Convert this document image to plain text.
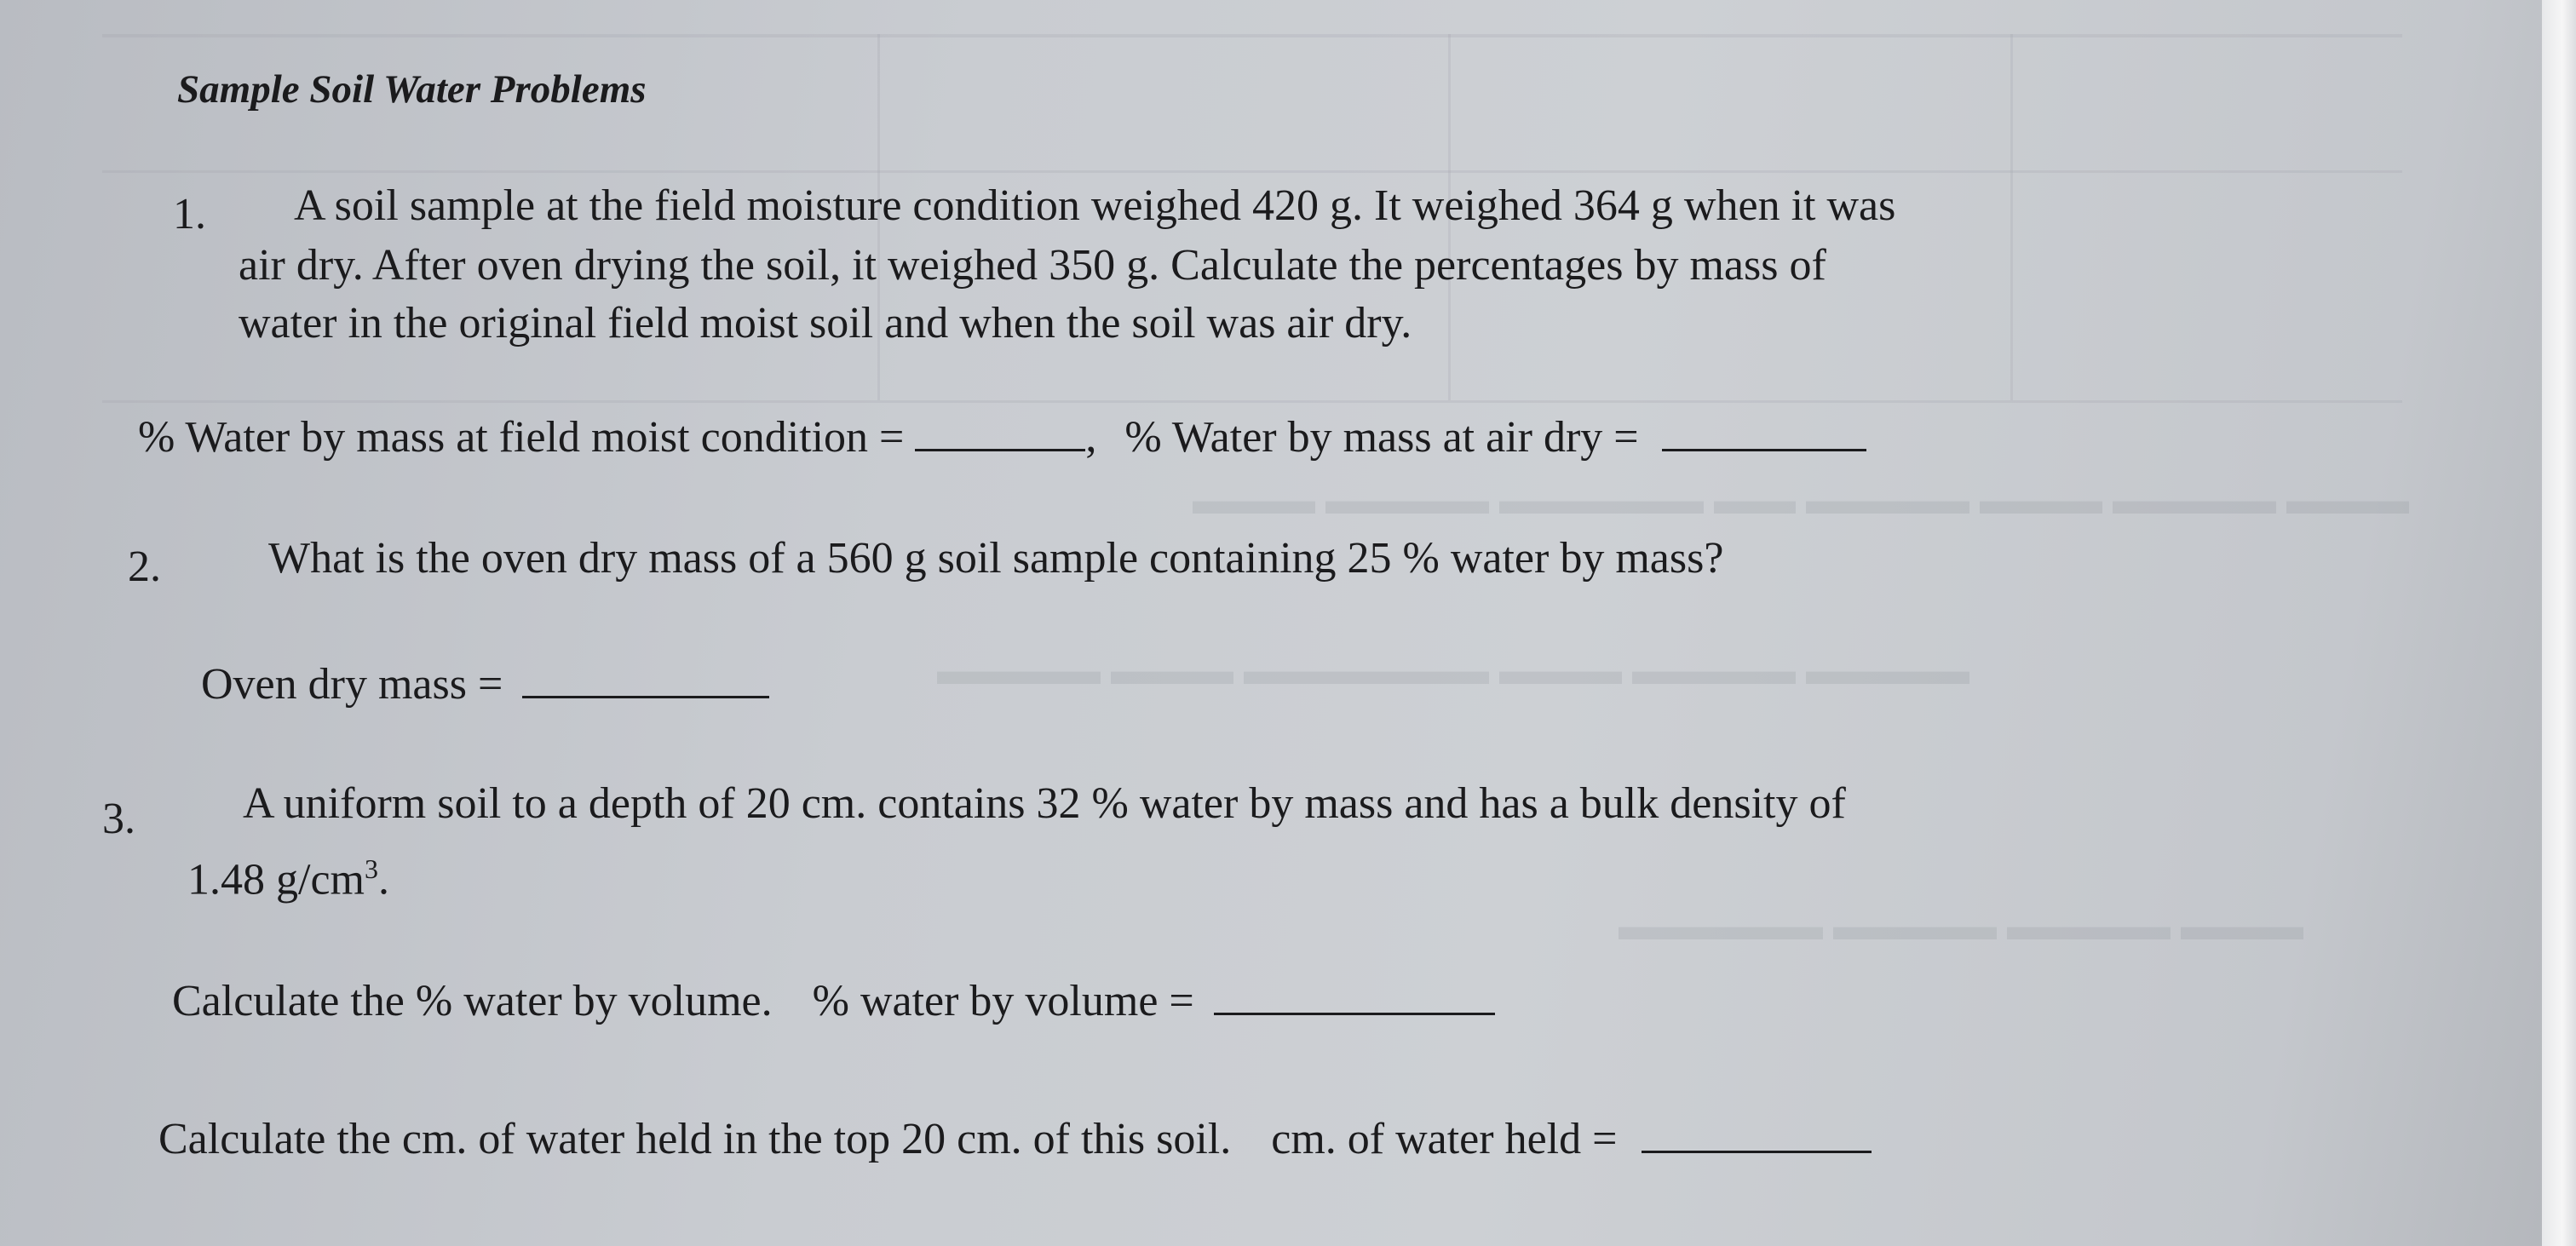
▬▬▬ ▬▬▬▬ ▬▬▬▬▬ ▬▬ ▬▬▬▬ ▬▬▬ ▬▬▬▬ ▬▬▬
▬▬▬▬ ▬▬▬ ▬▬▬▬▬▬ ▬▬▬ ▬▬▬▬ ▬▬▬▬
▬▬▬▬▬ ▬▬▬▬ ▬▬▬▬ ▬▬▬
Sample Soil Water Problems
1. A soil sample at the field moisture condition weighed 420 g. It weighed 364 g when it was
air dry. After oven drying the soil, it weighed 350 g. Calculate the percentages by mass of
water in the original field moist soil and when the soil was air dry.
% Water by mass at field moist condition =	, % Water by mass at air dry =
2. What is the oven dry mass of a 560 g soil sample containing 25 % water by mass?
Oven dry mass =
3. A uniform soil to a depth of 20 cm. contains 32 % water by mass and has a bulk density of
1.48 $g/cm^3$.
Calculate the % water by volume. % water by volume =
Calculate the cm. of water held in the top 20 cm. of this soil. cm. of water held =
